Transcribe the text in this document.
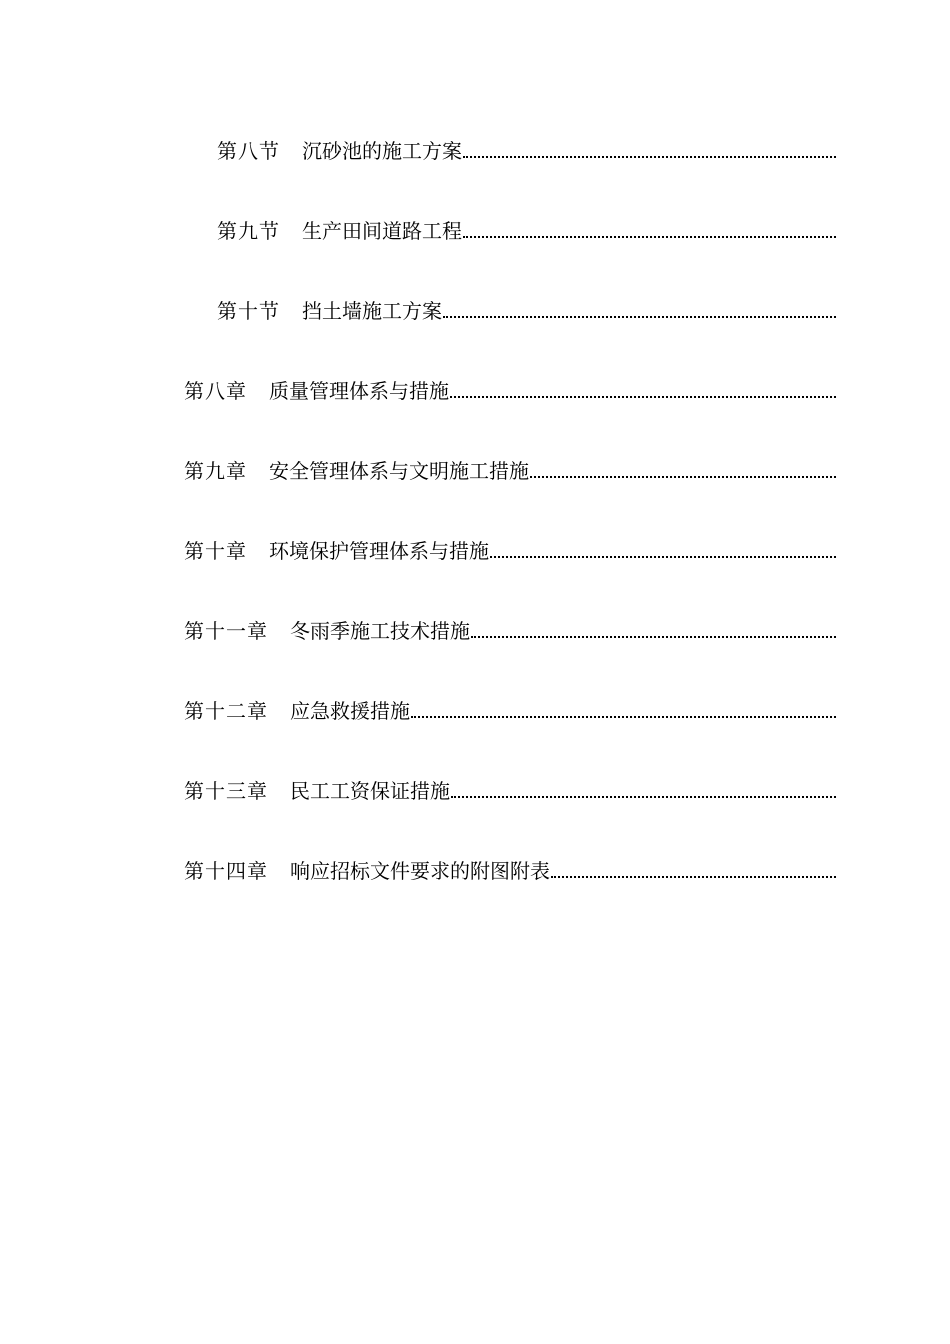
第八节 沉砂池的施工方案
第九节 生产田间道路工程
第十节 挡土墙施工方案
第八章 质量管理体系与措施
第九章 安全管理体系与文明施工措施
第十章 环境保护管理体系与措施
第十一章 冬雨季施工技术措施
第十二章 应急救援措施
第十三章 民工工资保证措施
第十四章 响应招标文件要求的附图附表
